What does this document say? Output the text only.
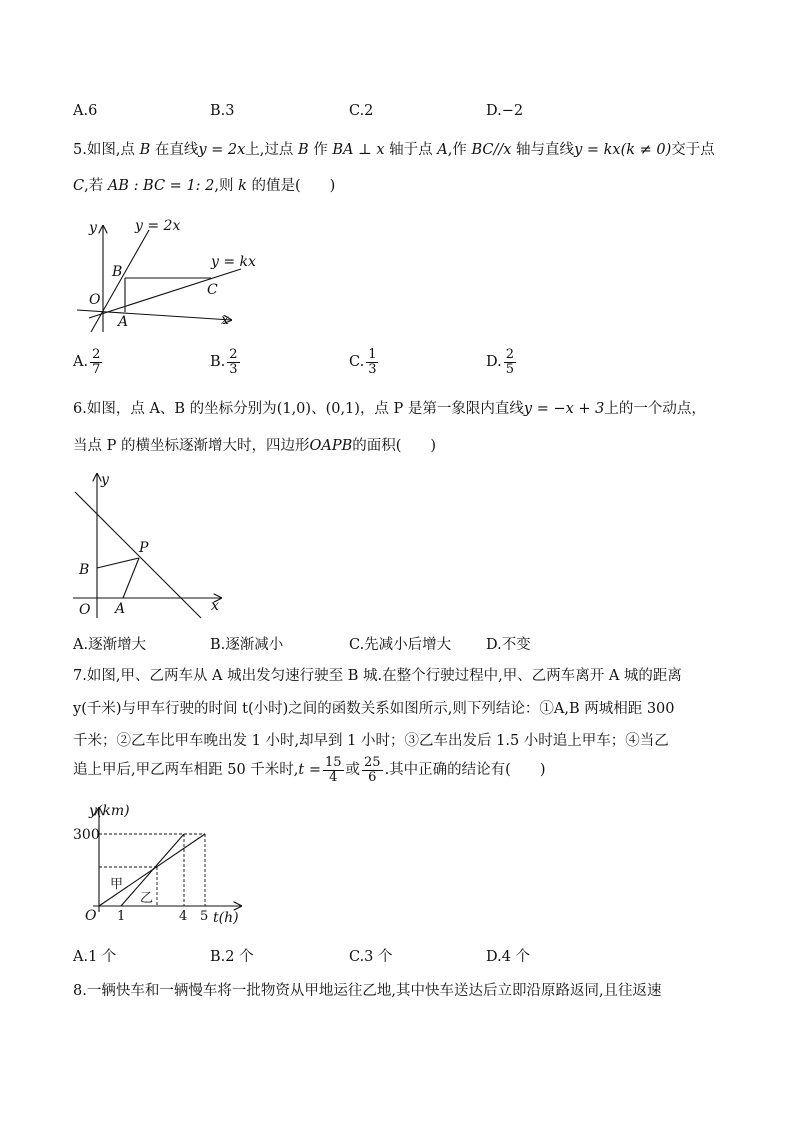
A.6	B.3	C.2	D.−2
5.如图,点 B 在直线y = 2x上,过点 B 作 BA ⊥ x 轴于点 A,作 BC//x 轴与直线y = kx(k ≠ 0)交于点
C,若 AB : BC = 1: 2,则 k 的值是(　　)
y = 2x
y = kx
y
x
O
A
B
C
A. $\frac{2}{7}$	B. $\frac{2}{3}$	C. $\frac{1}{3}$	D. $\frac{2}{5}$
6.如图，点 A、B 的坐标分别为(1,0)、(0,1)，点 P 是第一象限内直线y = −x + 3上的一个动点，
当点 P 的横坐标逐渐增大时，四边形OAPB的面积(　　)
y
x
O A
B
P
A.逐渐增大	B.逐渐减小	C.先减小后增大 D.不变
7.如图,甲、乙两车从 A 城出发匀速行驶至 B 城.在整个行驶过程中,甲、乙两车离开 A 城的距离
y(千米)与甲车行驶的时间 t(小时)之间的函数关系如图所示,则下列结论：①A,B 两城相距 300
千米；②乙车比甲车晚出发 1 小时,却早到 1 小时；③乙车出发后 1.5 小时追上甲车；④当乙
追上甲后,甲乙两车相距 50 千米时$,t = \frac{15}{4}$ 或 $\frac{25}{6}$ .其中正确的结论有(　　)
y(km)
t(h)
300
O 1	4 5
甲
乙
A.1 个	B.2 个	C.3 个	D.4 个
8.一辆快车和一辆慢车将一批物资从甲地运往乙地,其中快车送达后立即沿原路返同,且往返速
